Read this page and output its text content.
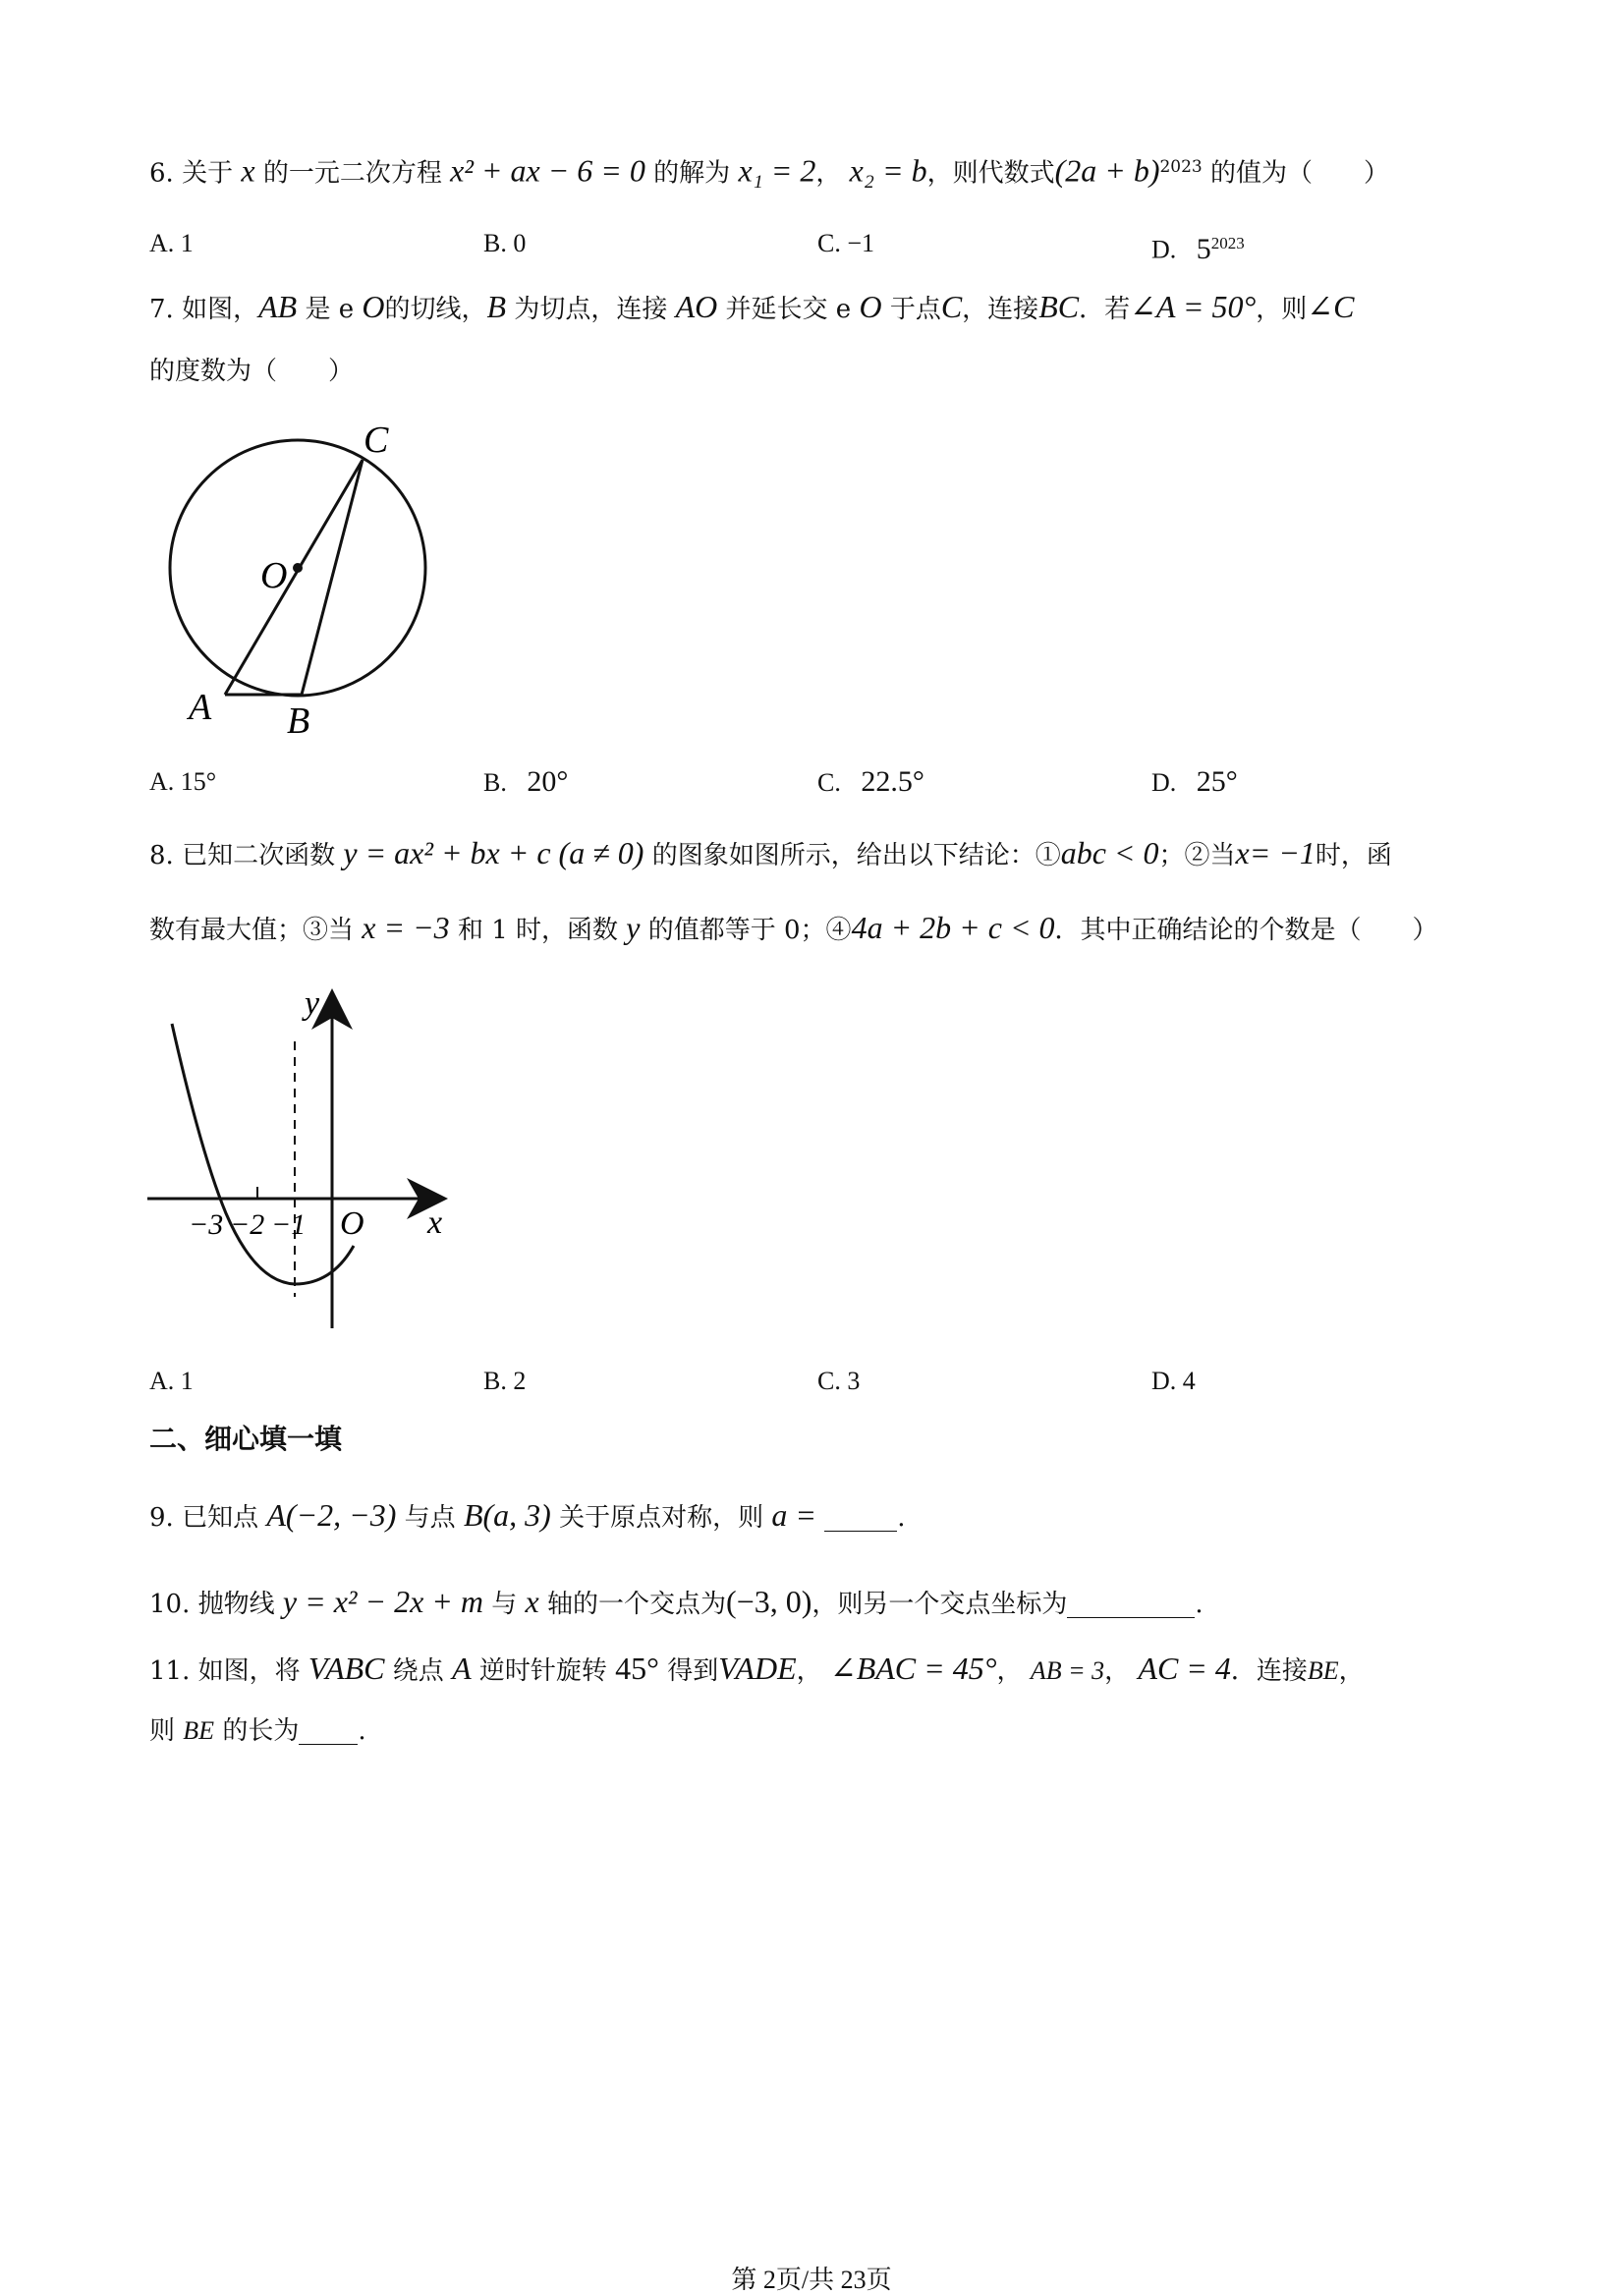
6. 关于 x 的一元二次方程 x² + ax − 6 = 0 的解为 x₁ = 2， x₂ = b，则代数式$(2a + b)^{2023}$ 的值为（　　）
A. 1	B. 0	C. −1	D. $5^{2023}$
7. 如图，AB 是 e O的切线，B 为切点，连接 AO 并延长交 e O 于点C，连接BC．若∠A = 50°，则∠C
的度数为（　　）
C
O
A B
A. 15°	B. 20°	C. 22.5°	D. 25°
8. 已知二次函数 y = ax² + bx + c (a ≠ 0) 的图象如图所示，给出以下结论：①abc < 0；②当x= −1时，函
数有最大值；③当 x = −3 和 1 时，函数 y 的值都等于 0；④4a + 2b + c < 0．其中正确结论的个数是（　　）
y
x
O
−3 −2 −1
A. 1	B. 2	C. 3	D. 4
二、细心填一填
9. 已知点 A(−2, −3) 与点 B(a, 3) 关于原点对称，则 a =	.
10. 抛物线 y = x² − 2x + m 与 x 轴的一个交点为(−3, 0)，则另一个交点坐标为	.
11. 如图，将 VABC 绕点 A 逆时针旋转 45° 得到VADE， ∠BAC = 45°， AB = 3， AC = 4．连接BE，
则 BE 的长为 .
第 2页/共 23页
